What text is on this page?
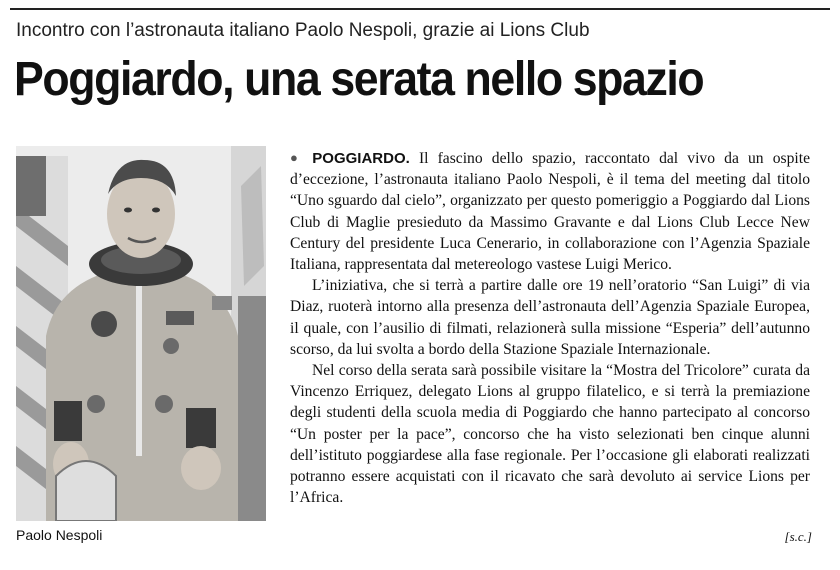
Incontro con l’astronauta italiano Paolo Nespoli, grazie ai Lions Club
Poggiardo, una serata nello spazio
Paolo Nespoli

● POGGIARDO. Il fascino dello spazio, raccontato dal vivo da un ospite d’eccezione, l’astronauta italiano Paolo Nespoli, è il tema del meeting dal titolo “Uno sguardo dal cielo”, organizzato per questo pomeriggio a Poggiardo dal Lions Club di Maglie presieduto da Massimo Gravante e dal Lions Club Lecce New Century del presidente Luca Cenerario, in collaborazione con l’Agenzia Spaziale Italiana, rappresentata dal metereologo vastese Luigi Merico.

L’iniziativa, che si terrà a partire dalle ore 19 nell’oratorio “San Luigi” di via Diaz, ruoterà intorno alla presenza dell’astronauta dell’Agenzia Spaziale Europea, il quale, con l’ausilio di filmati, relazionerà sulla missione “Esperia” dell’autunno scorso, da lui svolta a bordo della Stazione Spaziale Internazionale.

Nel corso della serata sarà possibile visitare la “Mostra del Tricolore” curata da Vincenzo Erriquez, delegato Lions al gruppo filatelico, e si terrà la premiazione degli studenti della scuola media di Poggiardo che hanno partecipato al concorso “Un poster per la pace”, concorso che ha visto selezionati ben cinque alunni dell’istituto poggiardese alla fase regionale. Per l’occasione gli elaborati realizzati potranno essere acquistati con il ricavato che sarà devoluto ai service Lions per l’Africa.

[s.c.]
